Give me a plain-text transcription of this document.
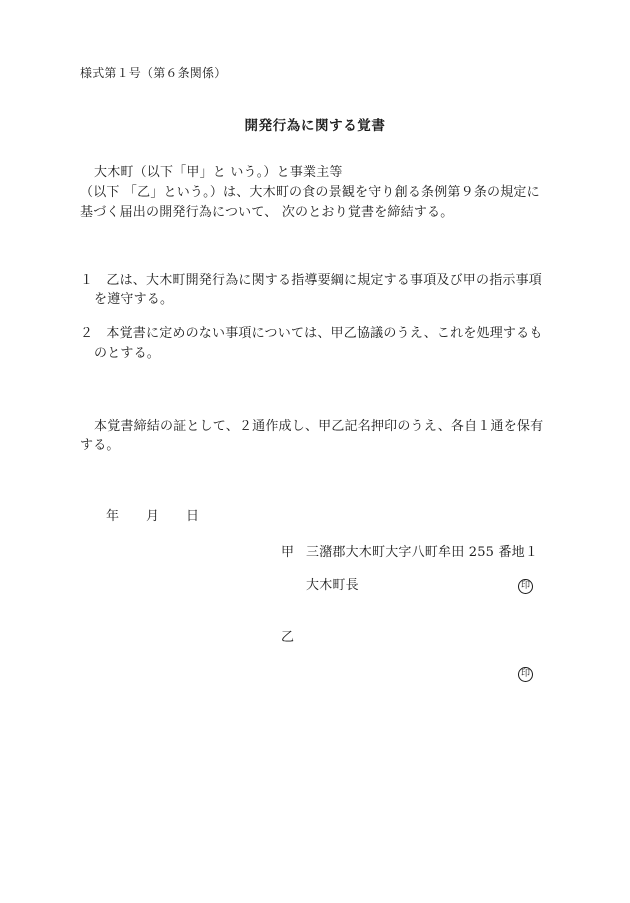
様式第１号（第６条関係）
開発行為に関する覚書
大木町（以下「甲」と いう。）と事業主等
（以下 「乙」という。）は、大木町の食の景観を守り創る条例第９条の規定に
基づく届出の開発行為について、 次のとおり覚書を締結する。
１　乙は、大木町開発行為に関する指導要綱に規定する事項及び甲の指示事項
を遵守する。
２　本覚書に定めのない事項については、甲乙協議のうえ、これを処理するも
のとする。
本覚書締結の証として、２通作成し、甲乙記名押印のうえ、各自１通を保有
する。
年 月 日
甲 三潴郡大木町大字八町牟田 255 番地１
大木町長	印
乙
印
